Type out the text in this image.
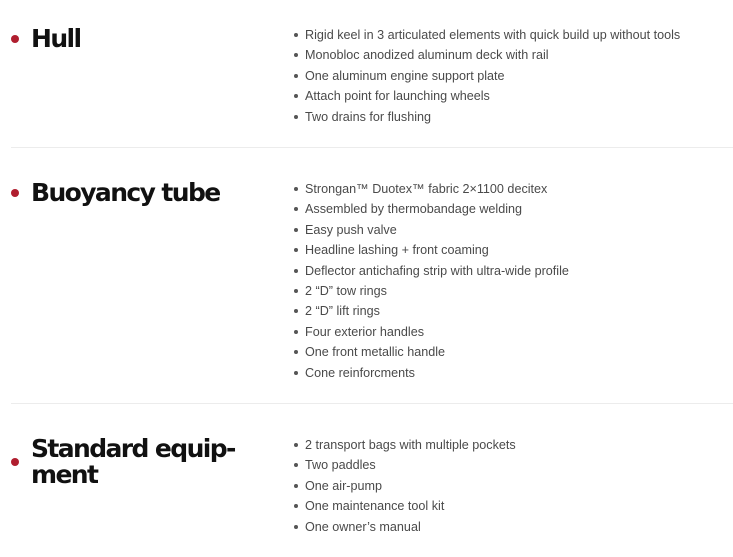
Hull	Rigid keel in 3 articulated elements with quick build up without tools
Monobloc anodized aluminum deck with rail
One aluminum engine support plate
Attach point for launching wheels
Two drains for flushing
Buoyancy tube	Strongan™ Duotex™ fabric 2×1100 decitex
Assembled by thermobandage welding
Easy push valve
Headline lashing + front coaming
Deflector antichafing strip with ultra-wide profile
2 “D” tow rings
2 “D” lift rings
Four exterior handles
One front metallic handle
Cone reinforcments
Standard equip-
ment
2 transport bags with multiple pockets
Two paddles
One air-pump
One maintenance tool kit
One owner’s manual
